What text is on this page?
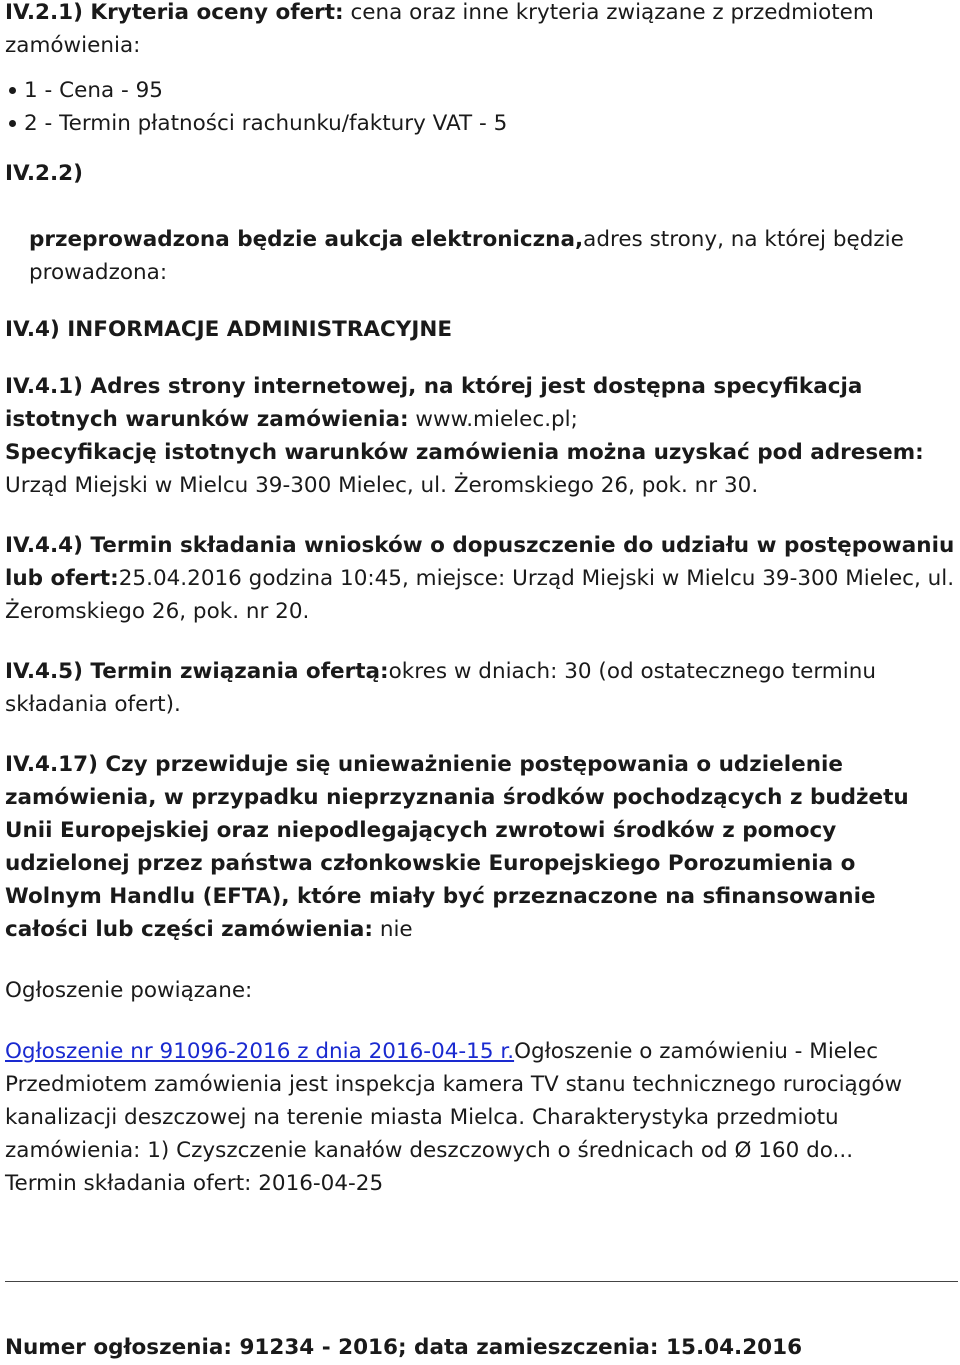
IV.2.1) Kryteria oceny ofert: cena oraz inne kryteria związane z przedmiotem zamówienia:

1 - Cena - 95
2 - Termin płatności rachunku/faktury VAT - 5

IV.2.2)

przeprowadzona będzie aukcja elektroniczna,adres strony, na której będzie prowadzona:

IV.4) INFORMACJE ADMINISTRACYJNE

IV.4.1) Adres strony internetowej, na której jest dostępna specyfikacja istotnych warunków zamówienia: www.mielec.pl;
Specyfikację istotnych warunków zamówienia można uzyskać pod adresem: Urząd Miejski w Mielcu 39-300 Mielec, ul. Żeromskiego 26, pok. nr 30.

IV.4.4) Termin składania wniosków o dopuszczenie do udziału w postępowaniu lub ofert:25.04.2016 godzina 10:45, miejsce: Urząd Miejski w Mielcu 39-300 Mielec, ul. Żeromskiego 26, pok. nr 20.

IV.4.5) Termin związania ofertą:okres w dniach: 30 (od ostatecznego terminu składania ofert).

IV.4.17) Czy przewiduje się unieważnienie postępowania o udzielenie zamówienia, w przypadku nieprzyznania środków pochodzących z budżetu Unii Europejskiej oraz niepodlegających zwrotowi środków z pomocy udzielonej przez państwa członkowskie Europejskiego Porozumienia o Wolnym Handlu (EFTA), które miały być przeznaczone na sfinansowanie całości lub części zamówienia: nie

Ogłoszenie powiązane:

Ogłoszenie nr 91096-2016 z dnia 2016-04-15 r.Ogłoszenie o zamówieniu - Mielec Przedmiotem zamówienia jest inspekcja kamera TV stanu technicznego rurociągów kanalizacji deszczowej na terenie miasta Mielca. Charakterystyka przedmiotu zamówienia: 1) Czyszczenie kanałów deszczowych o średnicach od Ø 160 do...
Termin składania ofert: 2016-04-25

Numer ogłoszenia: 91234 - 2016; data zamieszczenia: 15.04.2016
